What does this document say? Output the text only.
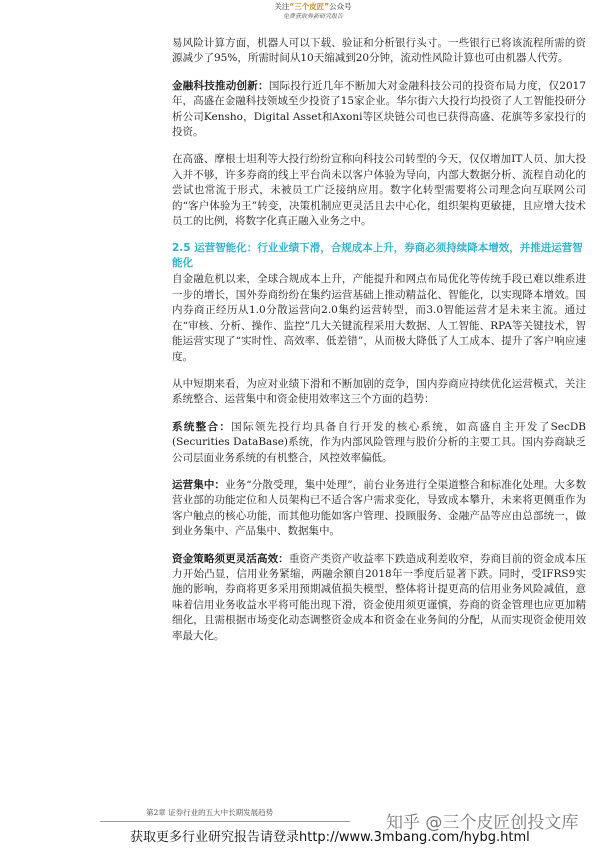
关注“三个皮匠”公众号
免费获取券新研究报告

易风险计算方面，机器人可以下载、验证和分析银行头寸。一些银行已将该流程所需的资源减少了95%，所需时间从10天缩减到20分钟，流动性风险计算也可由机器人代劳。

金融科技推动创新：国际投行近几年不断加大对金融科技公司的投资布局力度，仅2017年，高盛在金融科技领域至少投资了15家企业。华尔街六大投行均投资了人工智能投研分析公司Kensho，Digital Asset和Axoni等区块链公司也已获得高盛、花旗等多家投行的投资。

在高盛、摩根士坦利等大投行纷纷宣称向科技公司转型的今天，仅仅增加IT人员、加大投入并不够，许多券商的线上平台尚未以客户体验为导向，内部大数据分析、流程自动化的尝试也常流于形式，未被员工广泛接纳应用。数字化转型需要将公司理念向互联网公司的“客户体验为王”转变，决策机制应更灵活且去中心化，组织架构更敏捷，且应增大技术员工的比例，将数字化真正融入业务之中。

2.5 运营智能化：行业业绩下滑，合规成本上升，券商必须持续降本增效，并推进运营智能化

自金融危机以来，全球合规成本上升，产能提升和网点布局优化等传统手段已难以维系进一步的增长，国外券商纷纷在集约运营基础上推动精益化、智能化，以实现降本增效。国内券商正经历从1.0分散运营向2.0集约运营转型，而3.0智能运营才是未来主流。通过在“审核、分析、操作、监控”几大关键流程采用大数据、人工智能、RPA等关键技术，智能运营实现了“实时性、高效率、低差错”，从而极大降低了人工成本、提升了客户响应速度。

从中短期来看，为应对业绩下滑和不断加剧的竞争，国内券商应持续优化运营模式，关注系统整合、运营集中和资金使用效率这三个方面的趋势：

系统整合：国际领先投行均具备自行开发的核心系统，如高盛自主开发了SecDB (Securities DataBase)系统，作为内部风险管理与股价分析的主要工具。国内券商缺乏公司层面业务系统的有机整合，风控效率偏低。

运营集中：业务“分散受理，集中处理”，前台业务进行全渠道整合和标准化处理。大多数营业部的功能定位和人员架构已不适合客户需求变化，导致成本攀升，未来将更侧重作为客户触点的核心功能，而其他功能如客户管理、投顾服务、金融产品等应由总部统一，做到业务集中、产品集中、数据集中。

资金策略须更灵活高效：重资产类资产收益率下跌造成利差收窄，券商目前的资金成本压力开始凸显，信用业务紧缩，两融余额自2018年一季度后显著下跌。同时，受IFRS9实施的影响，券商将更多采用预期减值损失模型，整体将计提更高的信用业务风险减值，意味着信用业务收益水平将可能出现下滑，资金使用须更谨慎，券商的资金管理也应更加精细化，且需根据市场变化动态调整资金成本和资金在业务间的分配，从而实现资金使用效率最大化。

第2章 证券行业的五大中长期发展趋势
知乎 @三个皮匠创投文库
获取更多行业研究报告请登录http://www.3mbang.com/hybg.html
